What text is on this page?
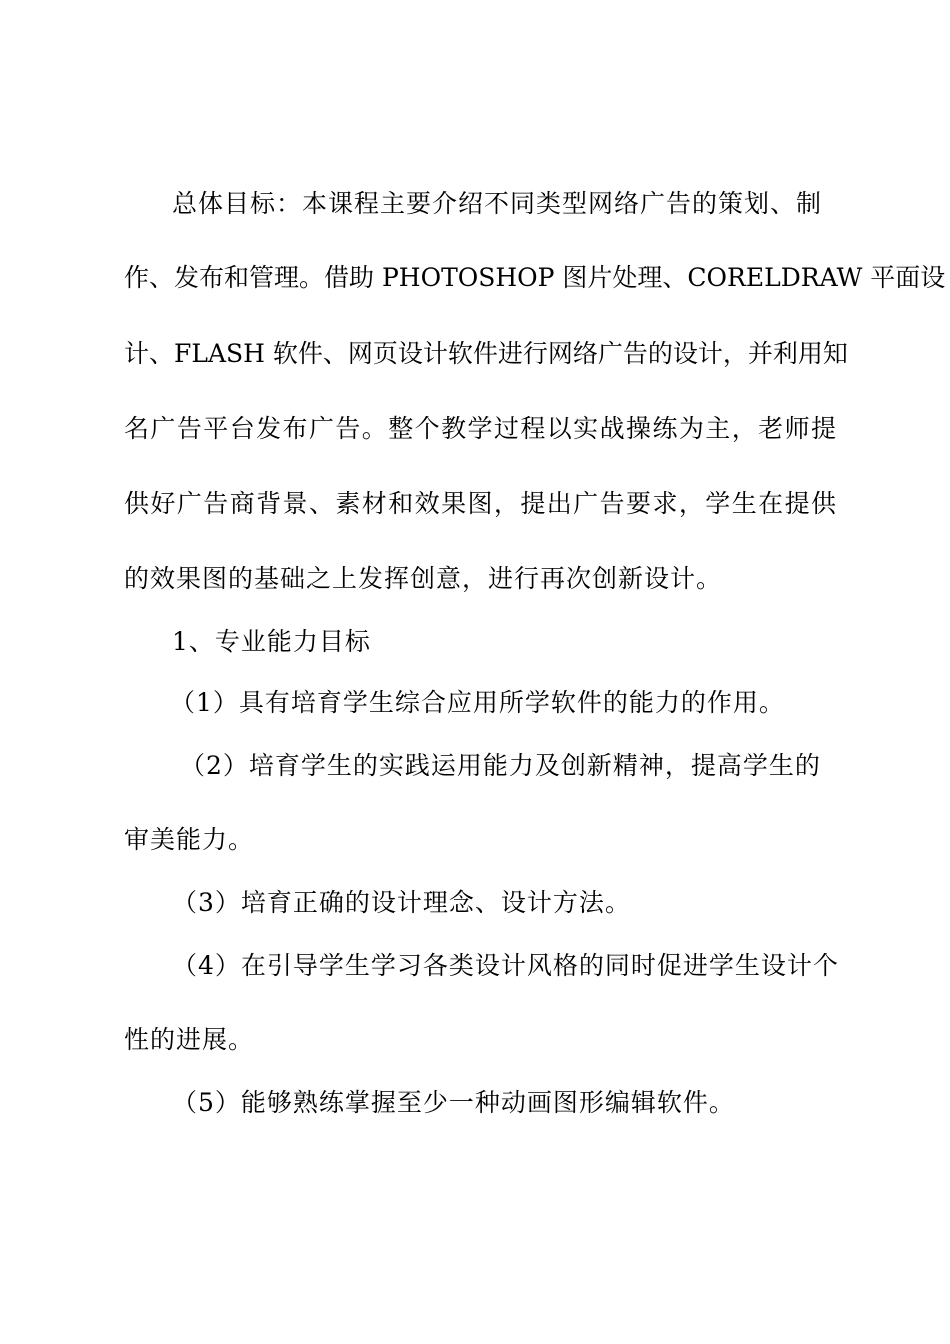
总体目标：本课程主要介绍不同类型网络广告的策划、制
作、发布和管理。借助 PHOTOSHOP 图片处理、CORELDRAW 平面设
计、FLASH 软件、网页设计软件进行网络广告的设计，并利用知
名广告平台发布广告。整个教学过程以实战操练为主，老师提
供好广告商背景、素材和效果图，提出广告要求，学生在提供
的效果图的基础之上发挥创意，进行再次创新设计。
1、专业能力目标
（1）具有培育学生综合应用所学软件的能力的作用。
（2）培育学生的实践运用能力及创新精神，提高学生的
审美能力。
（3）培育正确的设计理念、设计方法。
（4）在引导学生学习各类设计风格的同时促进学生设计个
性的进展。
（5）能够熟练掌握至少一种动画图形编辑软件。
